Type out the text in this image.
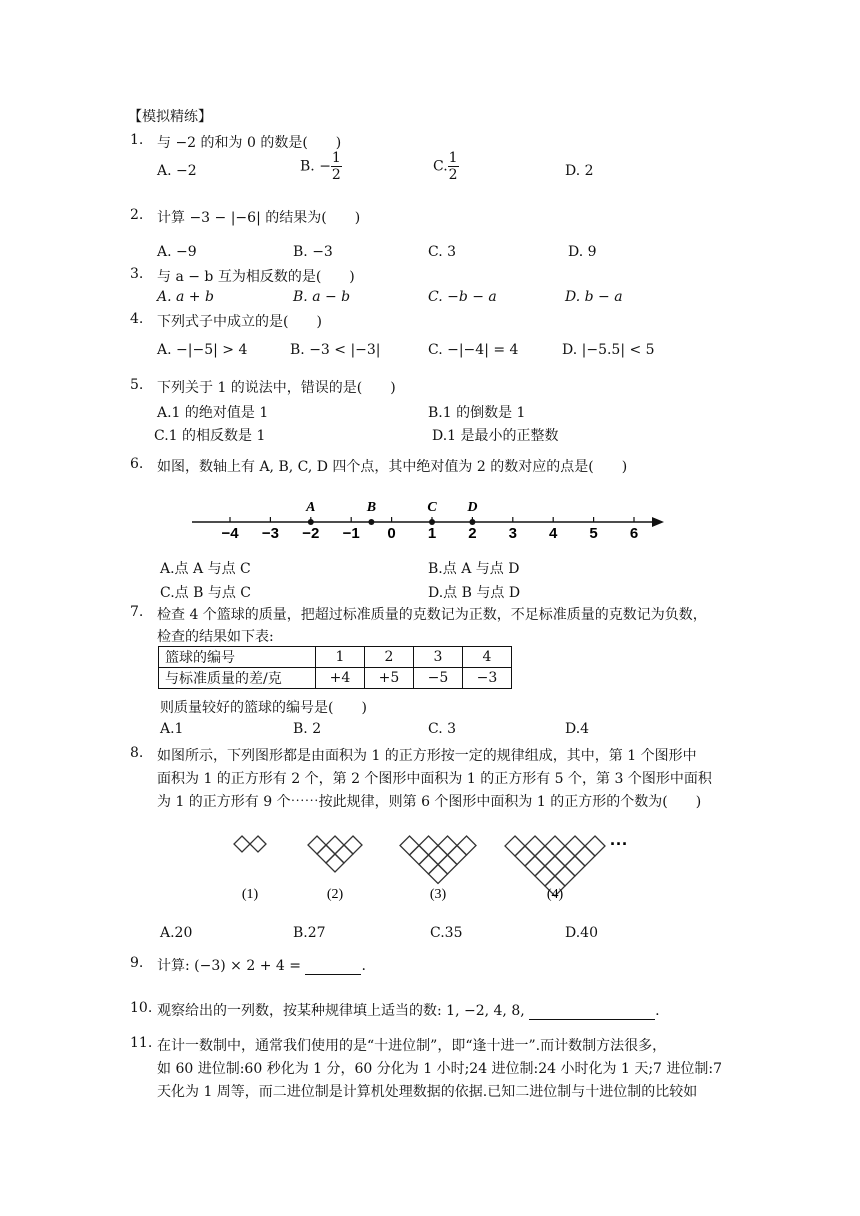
【模拟精练】
1. 与 −2 的和为 0 的数是(　　)
A. −2	B. − $\frac{1}{2}$	C. $\frac{1}{2}$	D. 2
2. 计算 −3 − |−6| 的结果为(　　)
A. −9	B. −3	C. 3	D. 9
3. 与 a − b 互为相反数的是(　　)
A. a + b	B. a − b	C. −b − a	D. b − a
4. 下列式子中成立的是(　　)
A. −|−5| > 4	B. −3 < |−3|	C. −|−4| = 4	D. |−5.5| < 5
5. 下列关于 1 的说法中，错误的是(　　)
A.1 的绝对值是 1	B.1 的倒数是 1
C.1 的相反数是 1	D.1 是最小的正整数
6. 如图，数轴上有 A, B, C, D 四个点，其中绝对值为 2 的数对应的点是(　　)
−4 −3 −2 −1 0 1 2 3 4 5 6
A	B	C D
A.点 A 与点 C	B.点 A 与点 D
C.点 B 与点 C	D.点 B 与点 D
7. 检查 4 个篮球的质量，把超过标准质量的克数记为正数，不足标准质量的克数记为负数，
检查的结果如下表:
篮球的编号	1	2	3	4
与标准质量的差/克	+4	+5	−5	−3
则质量较好的篮球的编号是(　　)
A.1	B. 2	C. 3	D.4
8. 如图所示，下列图形都是由面积为 1 的正方形按一定的规律组成，其中，第 1 个图形中
面积为 1 的正方形有 2 个，第 2 个图形中面积为 1 的正方形有 5 个，第 3 个图形中面积
为 1 的正方形有 9 个⋯⋯按此规律，则第 6 个图形中面积为 1 的正方形的个数为(　　)
(1)	(2)	(3)	(4)
···
A.20	B.27	C.35	D.40
9. 计算: (−3) × 2 + 4 =	.
10. 观察给出的一列数，按某种规律填上适当的数: 1, −2, 4, 8,	.
11. 在计一数制中，通常我们使用的是“十进位制”，即“逢十进一”.而计数制方法很多，
如 60 进位制:60 秒化为 1 分，60 分化为 1 小时;24 进位制:24 小时化为 1 天;7 进位制:7
天化为 1 周等，而二进位制是计算机处理数据的依据.已知二进位制与十进位制的比较如
